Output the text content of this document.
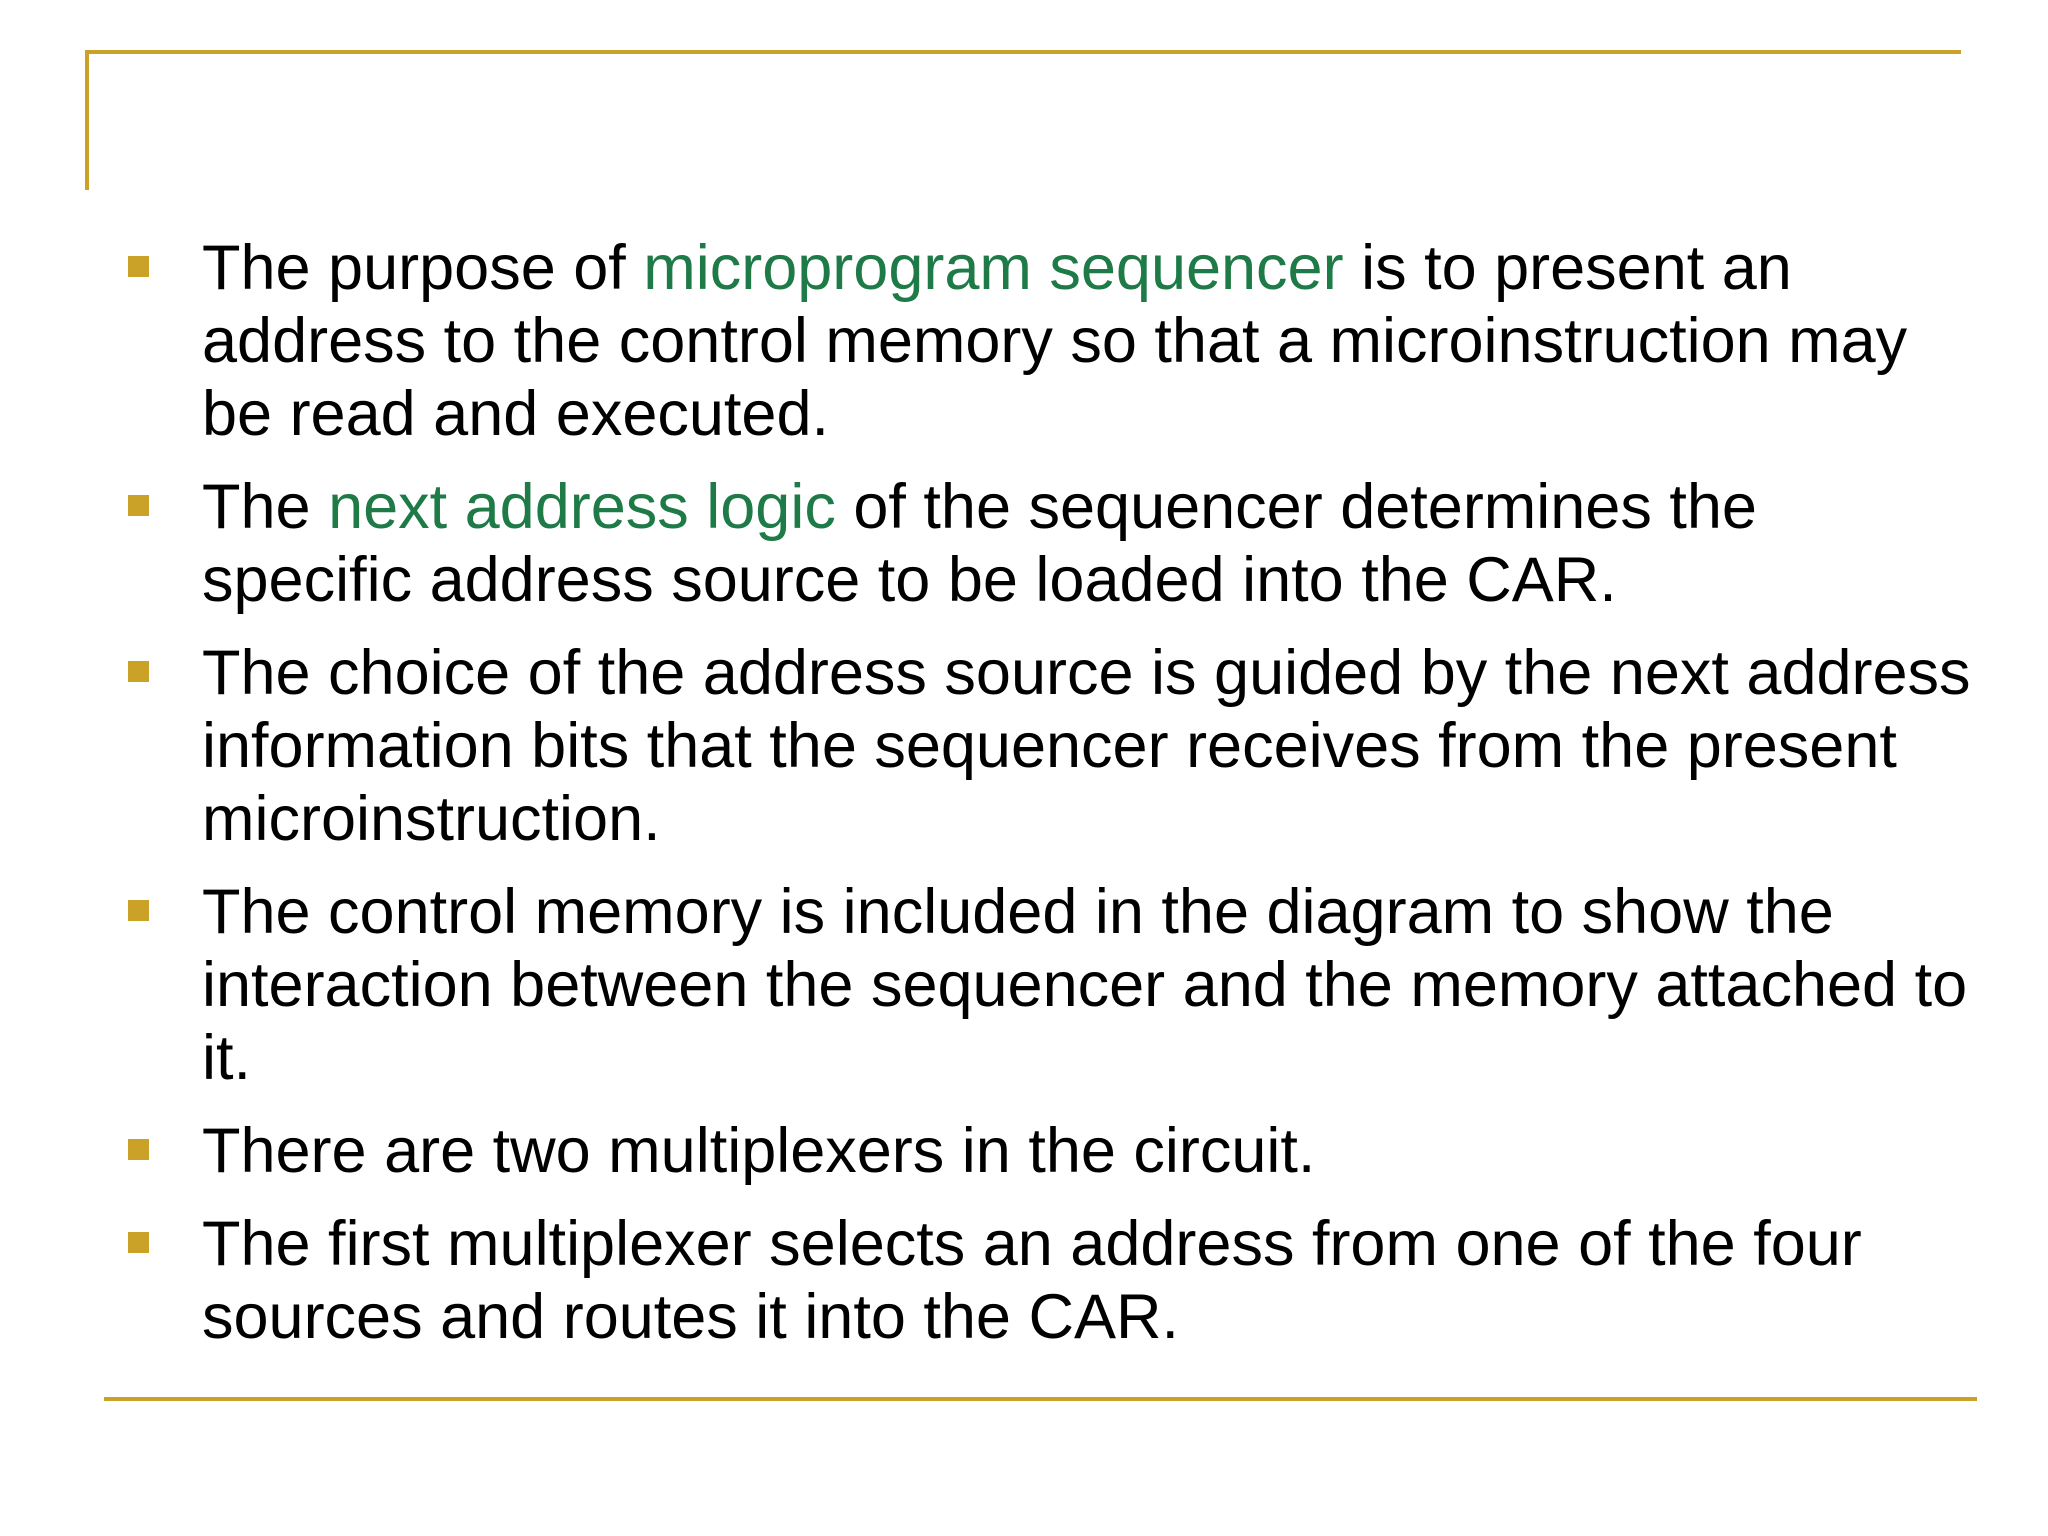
The purpose of microprogram sequencer is to present an address to the control memory so that a microinstruction may be read and executed.
The next address logic of the sequencer determines the specific address source to be loaded into the CAR.
The choice of the address source is guided by the next address information bits that the sequencer receives from the present microinstruction.
The control memory is included in the diagram to show the interaction between the sequencer and the memory attached to it.
There are two multiplexers in the circuit.
The first multiplexer selects an address from one of the four sources and routes it into the CAR.
